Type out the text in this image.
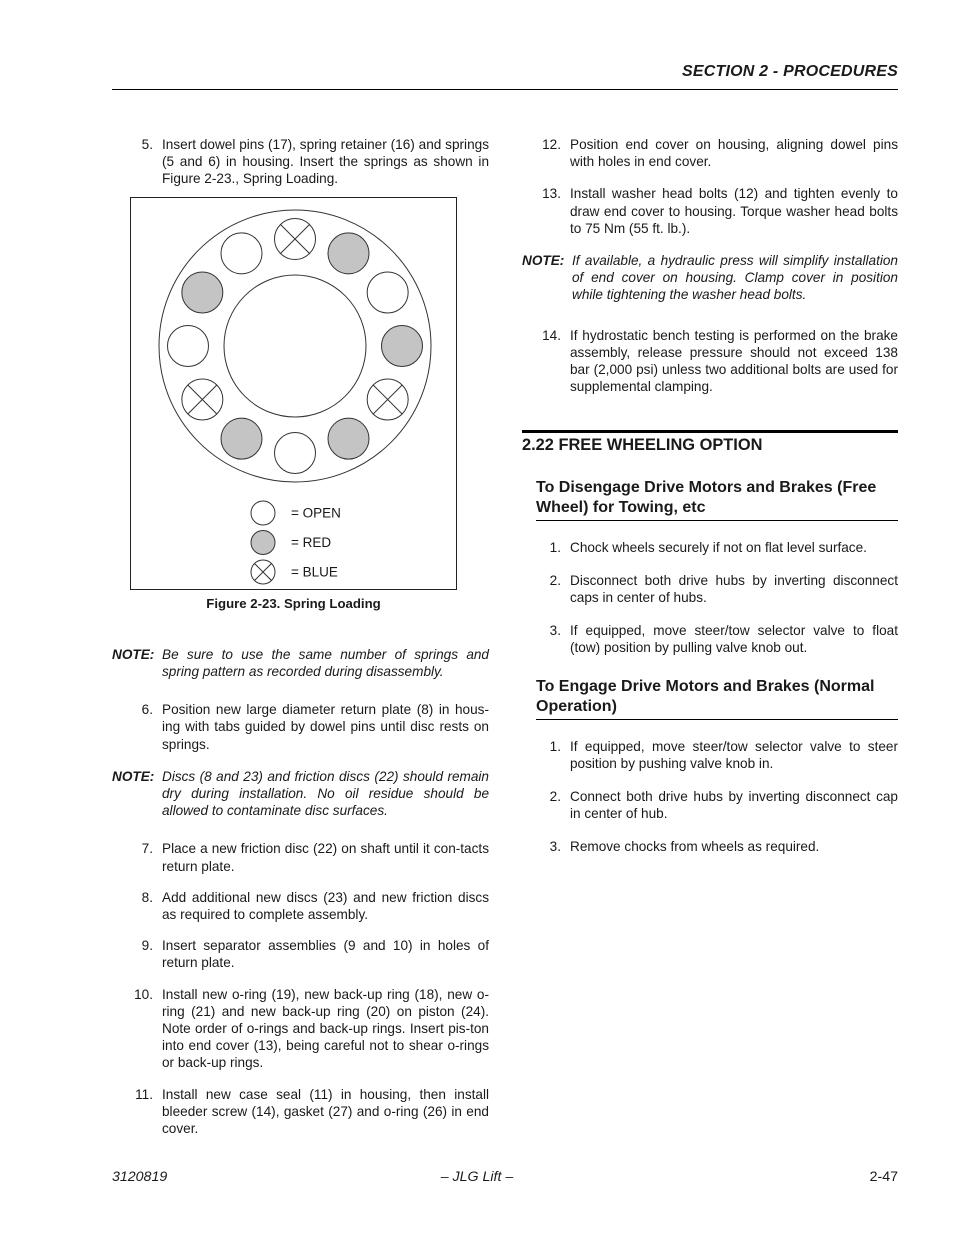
SECTION 2 - PROCEDURES
5. Insert dowel pins (17), spring retainer (16) and springs (5 and 6) in housing. Insert the springs as shown in Figure 2-23., Spring Loading.
= OPEN
= RED
= BLUE
Figure 2-23. Spring Loading
NOTE: Be sure to use the same number of springs and spring pattern as recorded during disassembly.
6. Position new large diameter return plate (8) in hous-ing with tabs guided by dowel pins until disc rests on springs.
NOTE: Discs (8 and 23) and friction discs (22) should remain dry during installation. No oil residue should be allowed to contaminate disc surfaces.
7. Place a new friction disc (22) on shaft until it con-tacts return plate.
8. Add additional new discs (23) and new friction discs as required to complete assembly.
9. Insert separator assemblies (9 and 10) in holes of return plate.
10. Install new o-ring (19), new back-up ring (18), new o-ring (21) and new back-up ring (20) on piston (24). Note order of o-rings and back-up rings. Insert pis-ton into end cover (13), being careful not to shear o-rings or back-up rings.
11. Install new case seal (11) in housing, then install bleeder screw (14), gasket (27) and o-ring (26) in end cover.
12. Position end cover on housing, aligning dowel pins with holes in end cover.
13. Install washer head bolts (12) and tighten evenly to draw end cover to housing. Torque washer head bolts to 75 Nm (55 ft. lb.).
NOTE: If available, a hydraulic press will simplify installation of end cover on housing. Clamp cover in position while tightening the washer head bolts.
14. If hydrostatic bench testing is performed on the brake assembly, release pressure should not exceed 138 bar (2,000 psi) unless two additional bolts are used for supplemental clamping.
2.22 FREE WHEELING OPTION
To Disengage Drive Motors and Brakes (Free Wheel) for Towing, etc
1. Chock wheels securely if not on flat level surface.
2. Disconnect both drive hubs by inverting disconnect caps in center of hubs.
3. If equipped, move steer/tow selector valve to float (tow) position by pulling valve knob out.
To Engage Drive Motors and Brakes (Normal Operation)
1. If equipped, move steer/tow selector valve to steer position by pushing valve knob in.
2. Connect both drive hubs by inverting disconnect cap in center of hub.
3. Remove chocks from wheels as required.
3120819	– JLG Lift –	2-47
